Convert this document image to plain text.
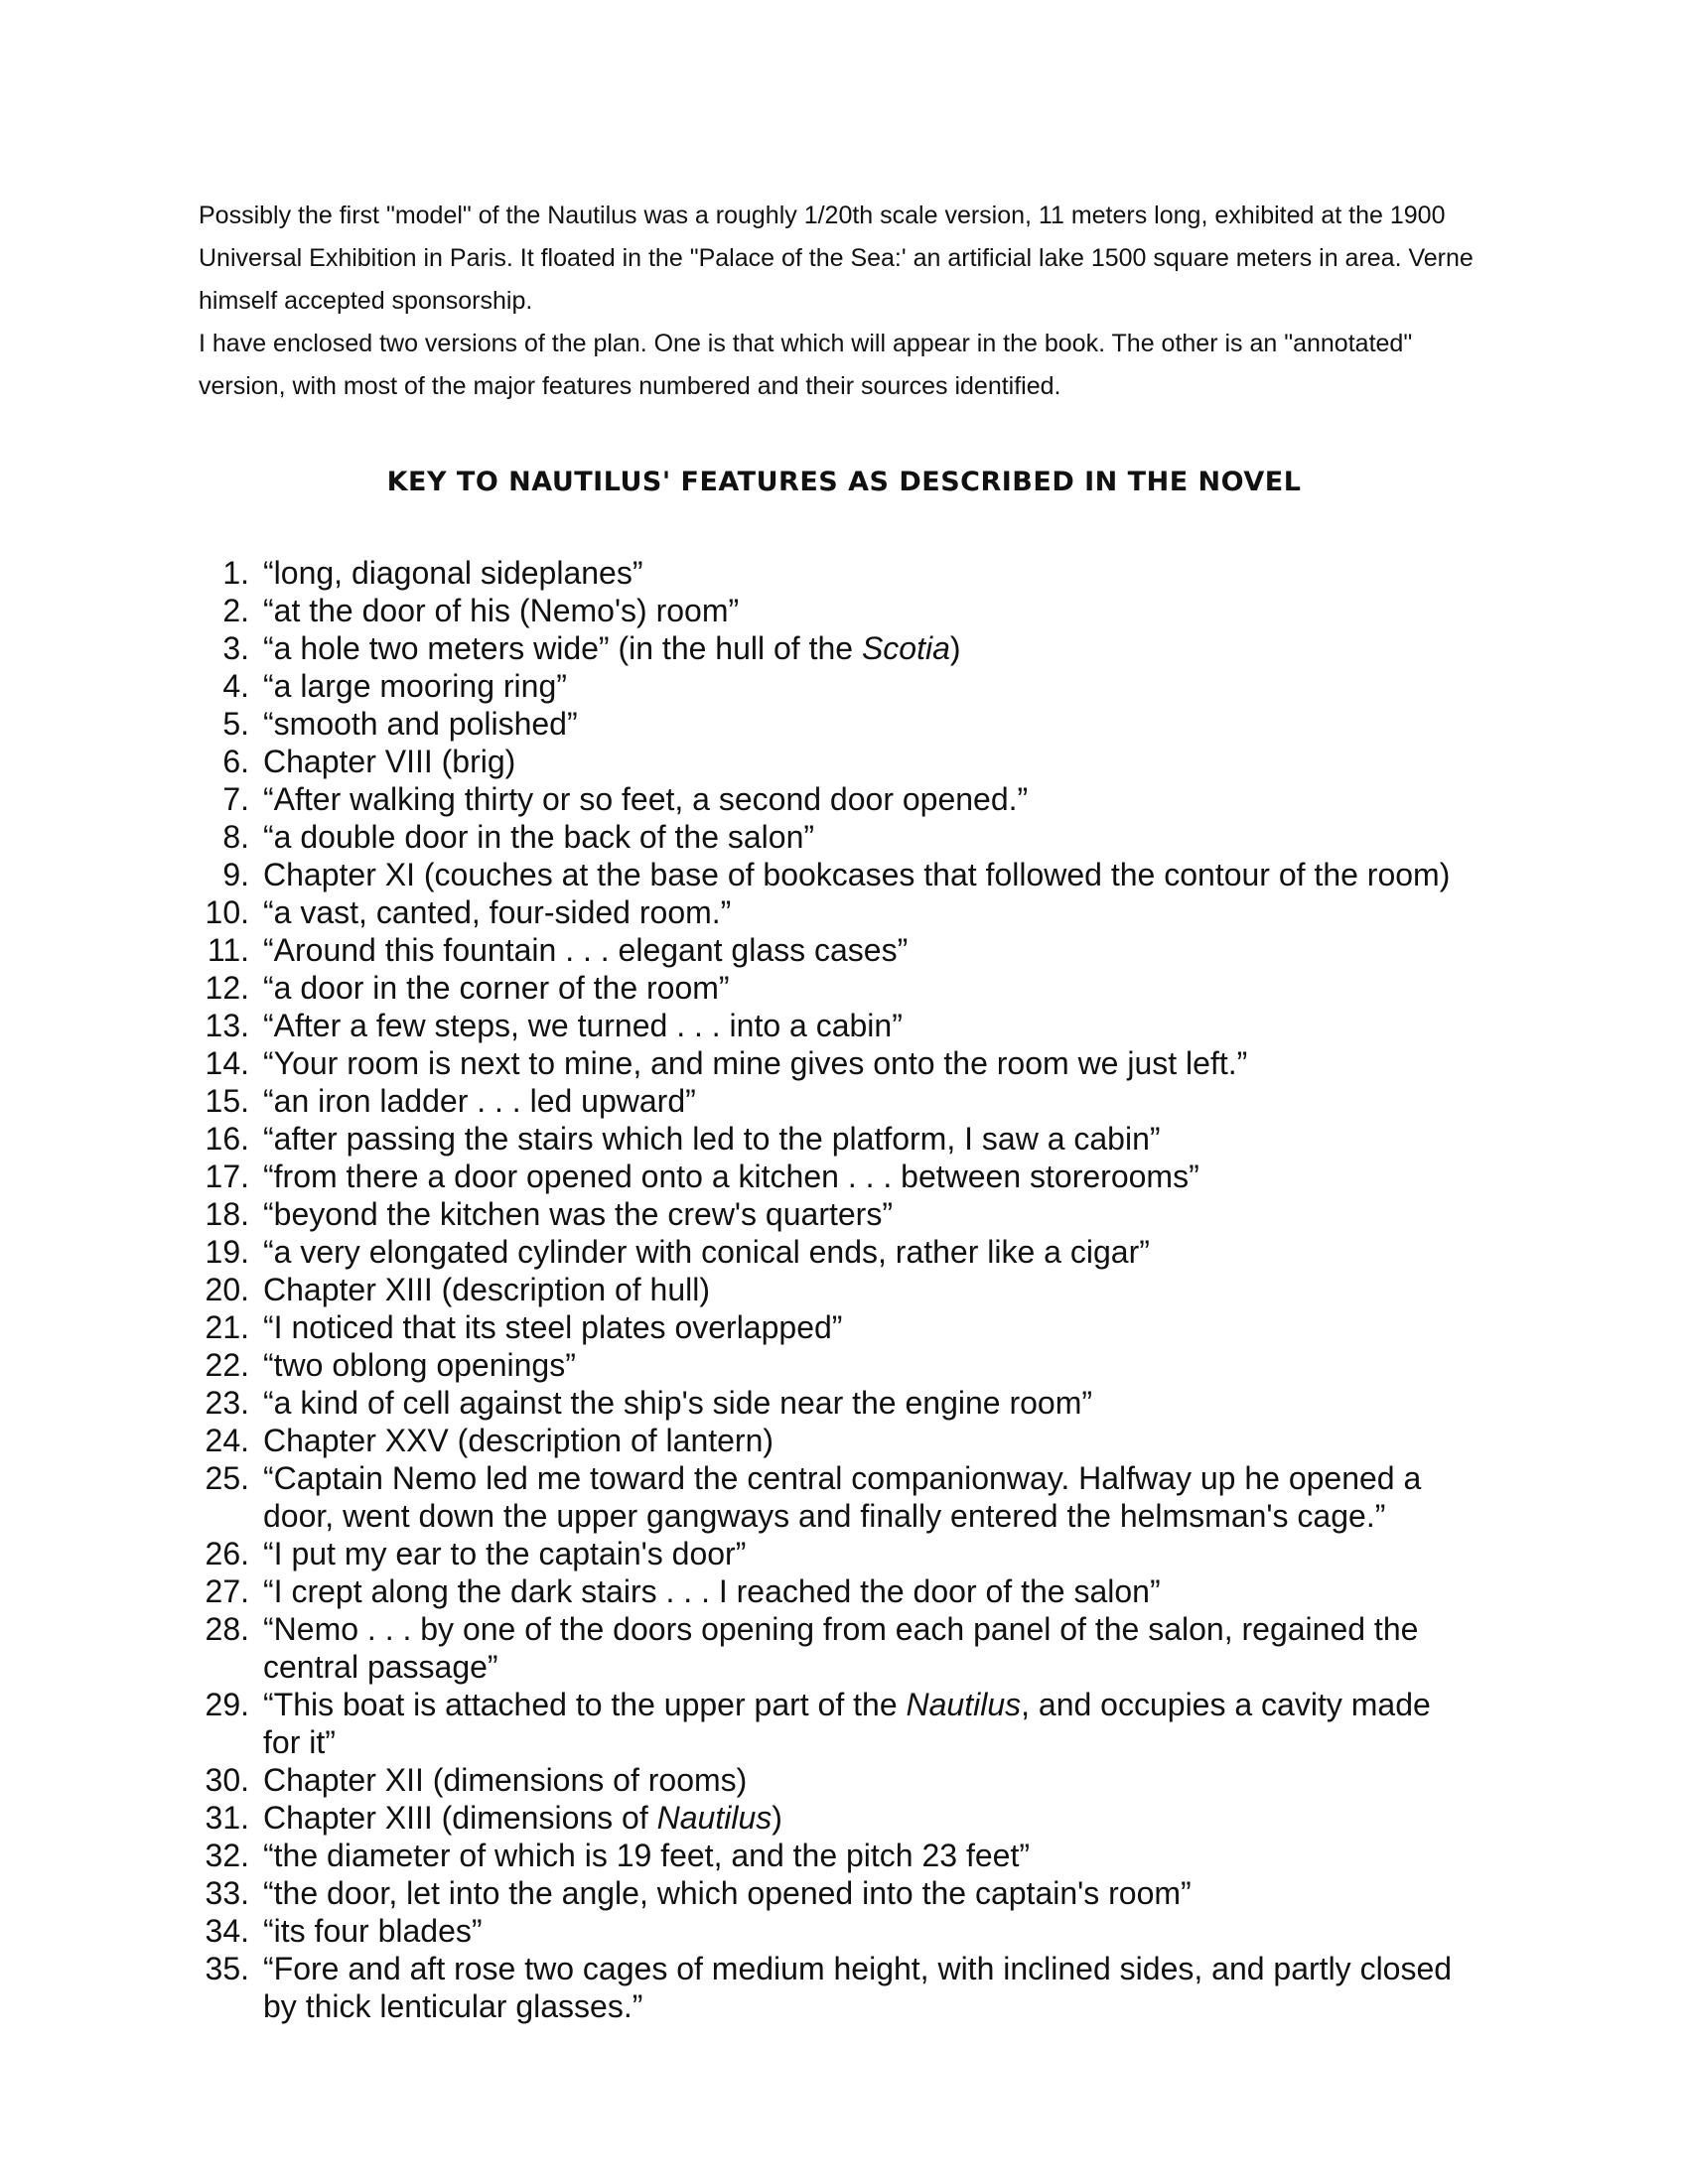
Possibly the first "model" of the Nautilus was a roughly 1/20th scale version, 11 meters long, exhibited at the 1900 Universal Exhibition in Paris. It floated in the "Palace of the Sea:' an artificial lake 1500 square meters in area. Verne himself accepted sponsorship.

I have enclosed two versions of the plan. One is that which will appear in the book. The other is an "annotated" version, with most of the major features numbered and their sources identified.

KEY TO NAUTILUS' FEATURES AS DESCRIBED IN THE NOVEL
1. “long, diagonal sideplanes”
2. “at the door of his (Nemo's) room”
3. “a hole two meters wide” (in the hull of the Scotia)
4. “a large mooring ring”
5. “smooth and polished”
6. Chapter VIII (brig)
7. “After walking thirty or so feet, a second door opened.”
8. “a double door in the back of the salon”
9. Chapter XI (couches at the base of bookcases that followed the contour of the room)
10. “a vast, canted, four-sided room.”
11. “Around this fountain . . . elegant glass cases”
12. “a door in the corner of the room”
13. “After a few steps, we turned . . . into a cabin”
14. “Your room is next to mine, and mine gives onto the room we just left.”
15. “an iron ladder . . . led upward”
16. “after passing the stairs which led to the platform, I saw a cabin”
17. “from there a door opened onto a kitchen . . . between storerooms”
18. “beyond the kitchen was the crew's quarters”
19. “a very elongated cylinder with conical ends, rather like a cigar”
20. Chapter XIII (description of hull)
21. “I noticed that its steel plates overlapped”
22. “two oblong openings”
23. “a kind of cell against the ship's side near the engine room”
24. Chapter XXV (description of lantern)
25. “Captain Nemo led me toward the central companionway. Halfway up he opened a door, went down the upper gangways and finally entered the helmsman's cage.”
26. “I put my ear to the captain's door”
27. “I crept along the dark stairs . . . I reached the door of the salon”
28. “Nemo . . . by one of the doors opening from each panel of the salon, regained the central passage”
29. “This boat is attached to the upper part of the Nautilus, and occupies a cavity made for it”
30. Chapter XII (dimensions of rooms)
31. Chapter XIII (dimensions of Nautilus)
32. “the diameter of which is 19 feet, and the pitch 23 feet”
33. “the door, let into the angle, which opened into the captain's room”
34. “its four blades”
35. “Fore and aft rose two cages of medium height, with inclined sides, and partly closed by thick lenticular glasses.”
